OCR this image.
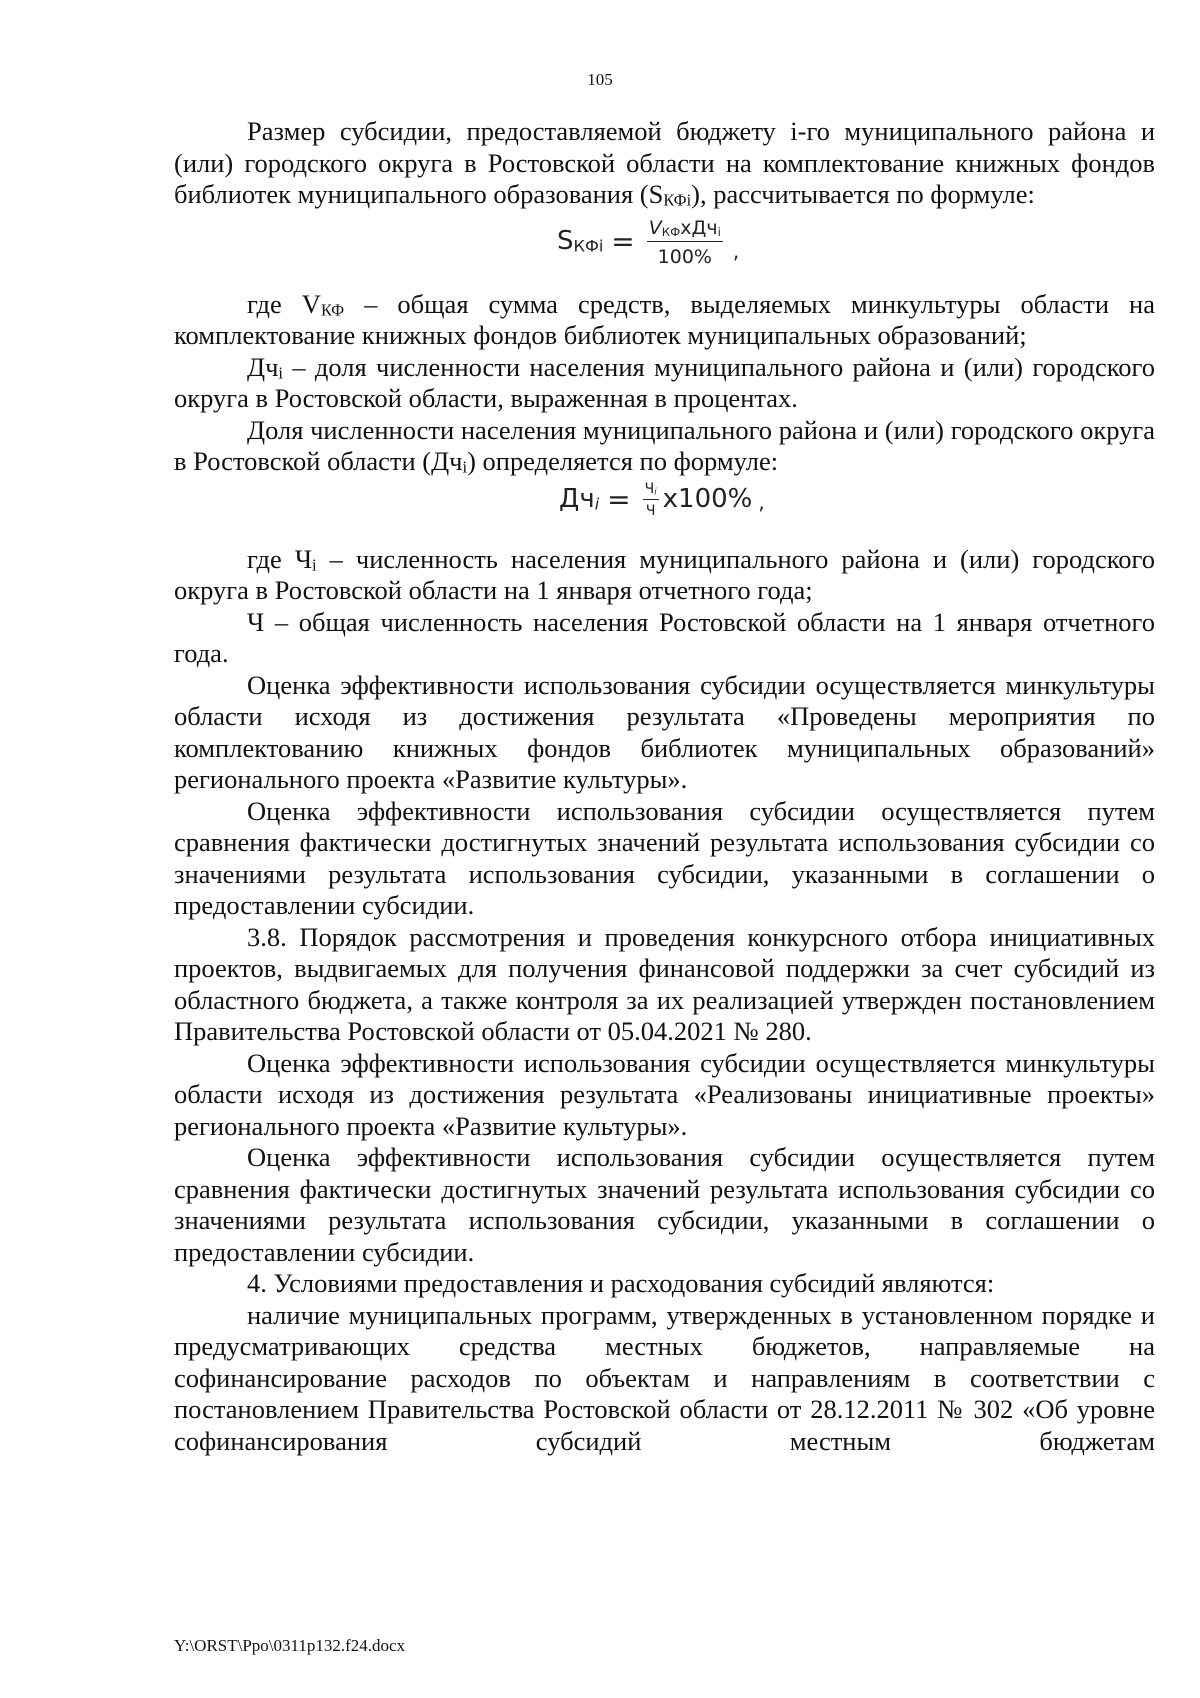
105

Размер субсидии, предоставляемой бюджету i-го муниципального района и (или) городского округа в Ростовской области на комплектование книжных фондов библиотек муниципального образования (SКФi), рассчитывается по формуле:

SКФi = $\frac{\text{VКФхДчi}}{100\%}$ ,

где VКФ – общая сумма средств, выделяемых минкультуры области на комплектование книжных фондов библиотек муниципальных образований;

Дчi – доля численности населения муниципального района и (или) городского округа в Ростовской области, выраженная в процентах.

Доля численности населения муниципального района и (или) городского округа в Ростовской области (Дчi) определяется по формуле:

Дчi = $\frac{Чi}{Ч} х100\%$ ,

где Чi – численность населения муниципального района и (или) городского округа в Ростовской области на 1 января отчетного года;

Ч – общая численность населения Ростовской области на 1 января отчетного года.

Оценка эффективности использования субсидии осуществляется минкультуры области исходя из достижения результата «Проведены мероприятия по комплектованию книжных фондов библиотек муниципальных образований» регионального проекта «Развитие культуры».

Оценка эффективности использования субсидии осуществляется путем сравнения фактически достигнутых значений результата использования субсидии со значениями результата использования субсидии, указанными в соглашении о предоставлении субсидии.

3.8. Порядок рассмотрения и проведения конкурсного отбора инициативных проектов, выдвигаемых для получения финансовой поддержки за счет субсидий из областного бюджета, а также контроля за их реализацией утвержден постановлением Правительства Ростовской области от 05.04.2021 № 280.

Оценка эффективности использования субсидии осуществляется минкультуры области исходя из достижения результата «Реализованы инициативные проекты» регионального проекта «Развитие культуры».

Оценка эффективности использования субсидии осуществляется путем сравнения фактически достигнутых значений результата использования субсидии со значениями результата использования субсидии, указанными в соглашении о предоставлении субсидии.

4. Условиями предоставления и расходования субсидий являются:

наличие муниципальных программ, утвержденных в установленном порядке и предусматривающих средства местных бюджетов, направляемые на софинансирование расходов по объектам и направлениям в соответствии с постановлением Правительства Ростовской области от 28.12.2011 № 302 «Об уровне софинансирования субсидий местным бюджетам

Y:\ORST\Ppo\0311p132.f24.docx
